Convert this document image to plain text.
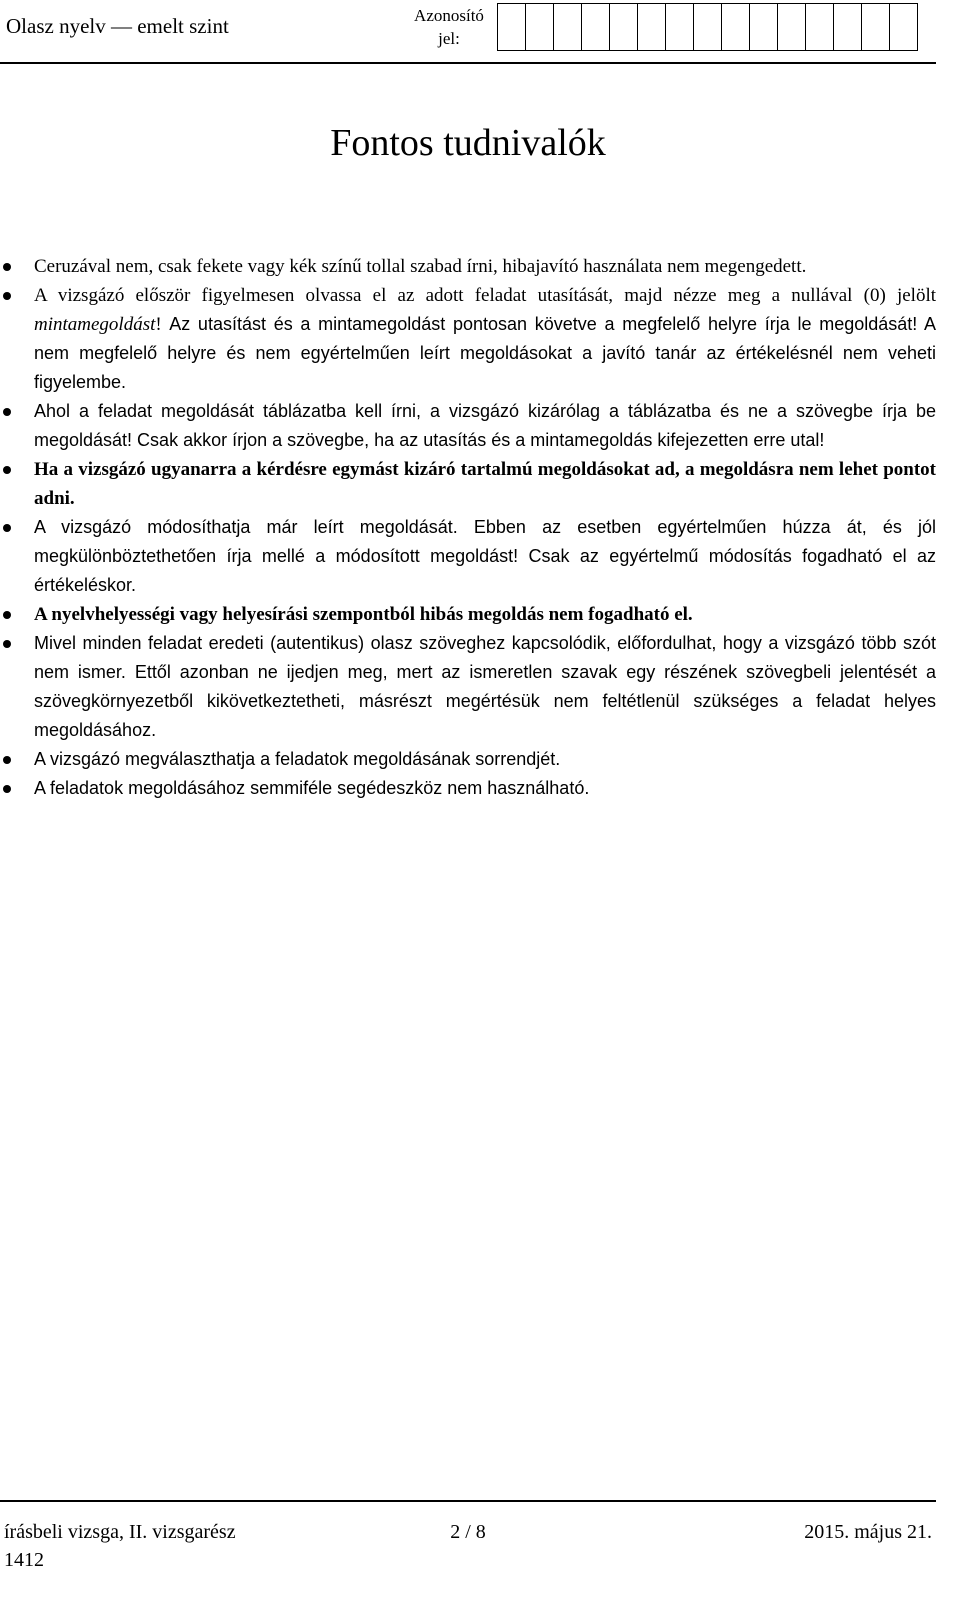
Olasz nyelv — emelt szint	Azonosító jel:
Fontos tudnivalók
Ceruzával nem, csak fekete vagy kék színű tollal szabad írni, hibajavító használata nem megengedett.
A vizsgázó először figyelmesen olvassa el az adott feladat utasítását, majd nézze meg a nullával (0) jelölt mintamegoldást! Az utasítást és a mintamegoldást pontosan követve a megfelelő helyre írja le megoldását! A nem megfelelő helyre és nem egyértelműen leírt megoldásokat a javító tanár az értékelésnél nem veheti figyelembe.
Ahol a feladat megoldását táblázatba kell írni, a vizsgázó kizárólag a táblázatba és ne a szövegbe írja be megoldását! Csak akkor írjon a szövegbe, ha az utasítás és a mintamegoldás kifejezetten erre utal!
Ha a vizsgázó ugyanarra a kérdésre egymást kizáró tartalmú megoldásokat ad, a megoldásra nem lehet pontot adni.
A vizsgázó módosíthatja már leírt megoldását. Ebben az esetben egyértelműen húzza át, és jól megkülönböztethetően írja mellé a módosított megoldást! Csak az egyértelmű módosítás fogadható el az értékeléskor.
A nyelvhelyességi vagy helyesírási szempontból hibás megoldás nem fogadható el.
Mivel minden feladat eredeti (autentikus) olasz szöveghez kapcsolódik, előfordulhat, hogy a vizsgázó több szót nem ismer. Ettől azonban ne ijedjen meg, mert az ismeretlen szavak egy részének szövegbeli jelentését a szövegkörnyezetből kikövetkeztetheti, másrészt megértésük nem feltétlenül szükséges a feladat helyes megoldásához.
A vizsgázó megválaszthatja a feladatok megoldásának sorrendjét.
A feladatok megoldásához semmiféle segédeszköz nem használható.
írásbeli vizsga, II. vizsgarész
1412
2 / 8	2015. május 21.
